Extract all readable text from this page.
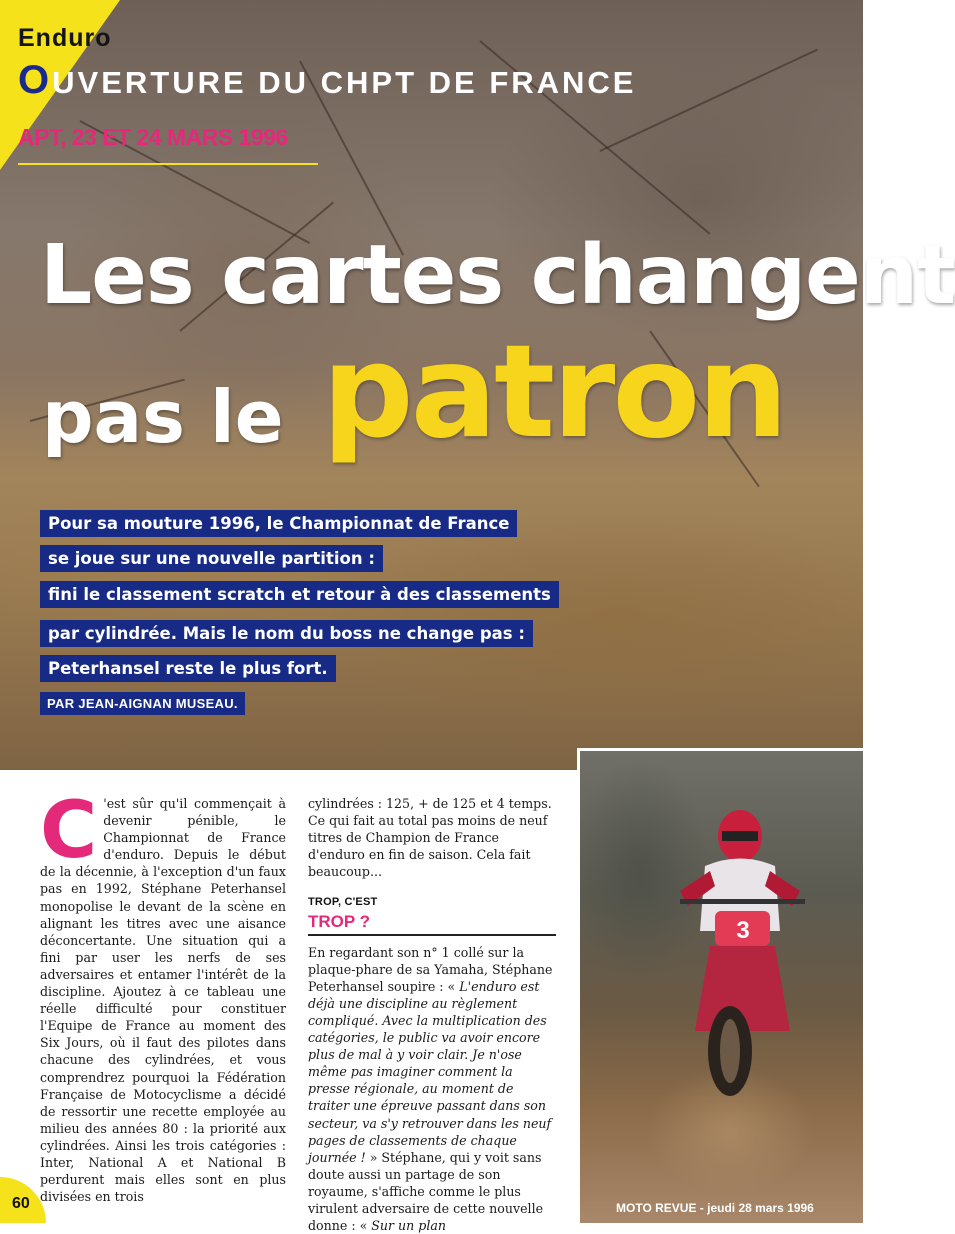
Enduro
OUVERTURE DU CHPT DE FRANCE
APT, 23 ET 24 MARS 1996
Les cartes changent
pas le patron
Pour sa mouture 1996, le Championnat de France
se joue sur une nouvelle partition :
fini le classement scratch et retour à des classements
par cylindrée. Mais le nom du boss ne change pas :
Peterhansel reste le plus fort.
PAR JEAN-AIGNAN MUSEAU.
3
MOTO REVUE - jeudi 28 mars 1996
C 'est sûr qu'il commençait à devenir pénible, le Championnat de France d'enduro. Depuis le début de la décennie, à l'exception d'un faux pas en 1992, Stéphane Peterhansel monopolise le devant de la scène en alignant les titres avec une aisance déconcertante. Une situation qui a fini par user les nerfs de ses adversaires et entamer l'intérêt de la discipline. Ajoutez à ce tableau une réelle difficulté pour constituer l'Equipe de France au moment des Six Jours, où il faut des pilotes dans chacune des cylindrées, et vous comprendrez pourquoi la Fédération Française de Motocyclisme a décidé de ressortir une recette employée au milieu des années 80 : la priorité aux cylindrées. Ainsi les trois catégories : Inter, National A et National B perdurent mais elles sont en plus divisées en trois

cylindrées : 125, + de 125 et 4 temps. Ce qui fait au total pas moins de neuf titres de Champion de France d'enduro en fin de saison. Cela fait beaucoup...

TROP, C'EST
TROP ?

En regardant son n° 1 collé sur la plaque-phare de sa Yamaha, Stéphane Peterhansel soupire : « L'enduro est déjà une discipline au règlement compliqué. Avec la multiplication des catégories, le public va avoir encore plus de mal à y voir clair. Je n'ose même pas imaginer comment la presse régionale, au moment de traiter une épreuve passant dans son secteur, va s'y retrouver dans les neuf pages de classements de chaque journée ! » Stéphane, qui y voit sans doute aussi un partage de son royaume, s'affiche comme le plus virulent adversaire de cette nouvelle donne : « Sur un plan

60
